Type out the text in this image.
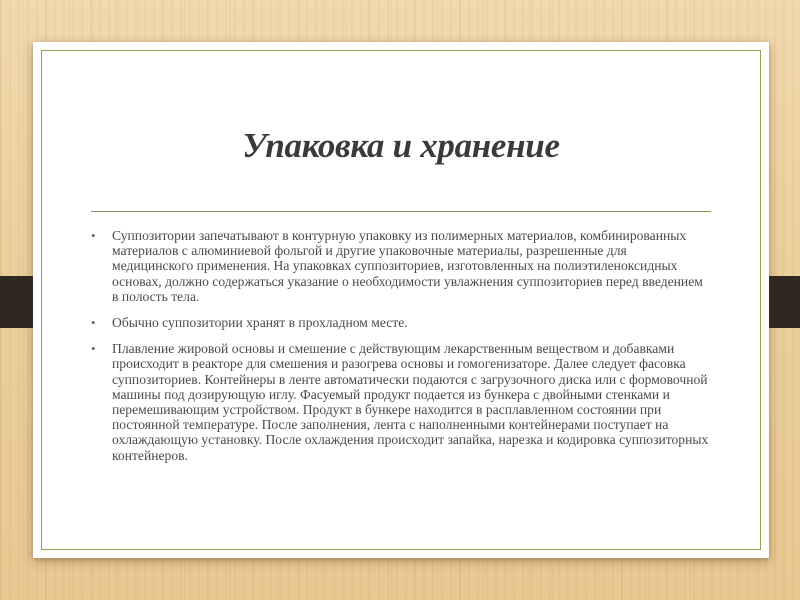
Упаковка и хранение
•	Суппозитории запечатывают в контурную упаковку из полимерных материалов, комбинированных материалов с алюминиевой фольгой и другие упаковочные материалы, разрешенные для медицинского применения. На упаковках суппозиториев, изготовленных на полиэтиленоксидных основах, должно содержаться указание о необходимости увлажнения суппозиториев перед введением в полость тела.
•	Обычно суппозитории хранят в прохладном месте.
•	Плавление жировой основы и смешение с действующим лекарственным веществом и добавками происходит в реакторе для смешения и разогрева основы и гомогенизаторе. Далее следует фасовка суппозиториев. Контейнеры в ленте автоматически подаются с загрузочного диска или с формовочной машины под дозирующую иглу. Фасуемый продукт подается из бункера с двойными стенками и перемешивающим устройством. Продукт в бункере находится в расплавленном состоянии при постоянной температуре. После заполнения, лента с наполненными контейнерами поступает на охлаждающую установку. После охлаждения происходит запайка, нарезка и кодировка суппозиторных контейнеров.
